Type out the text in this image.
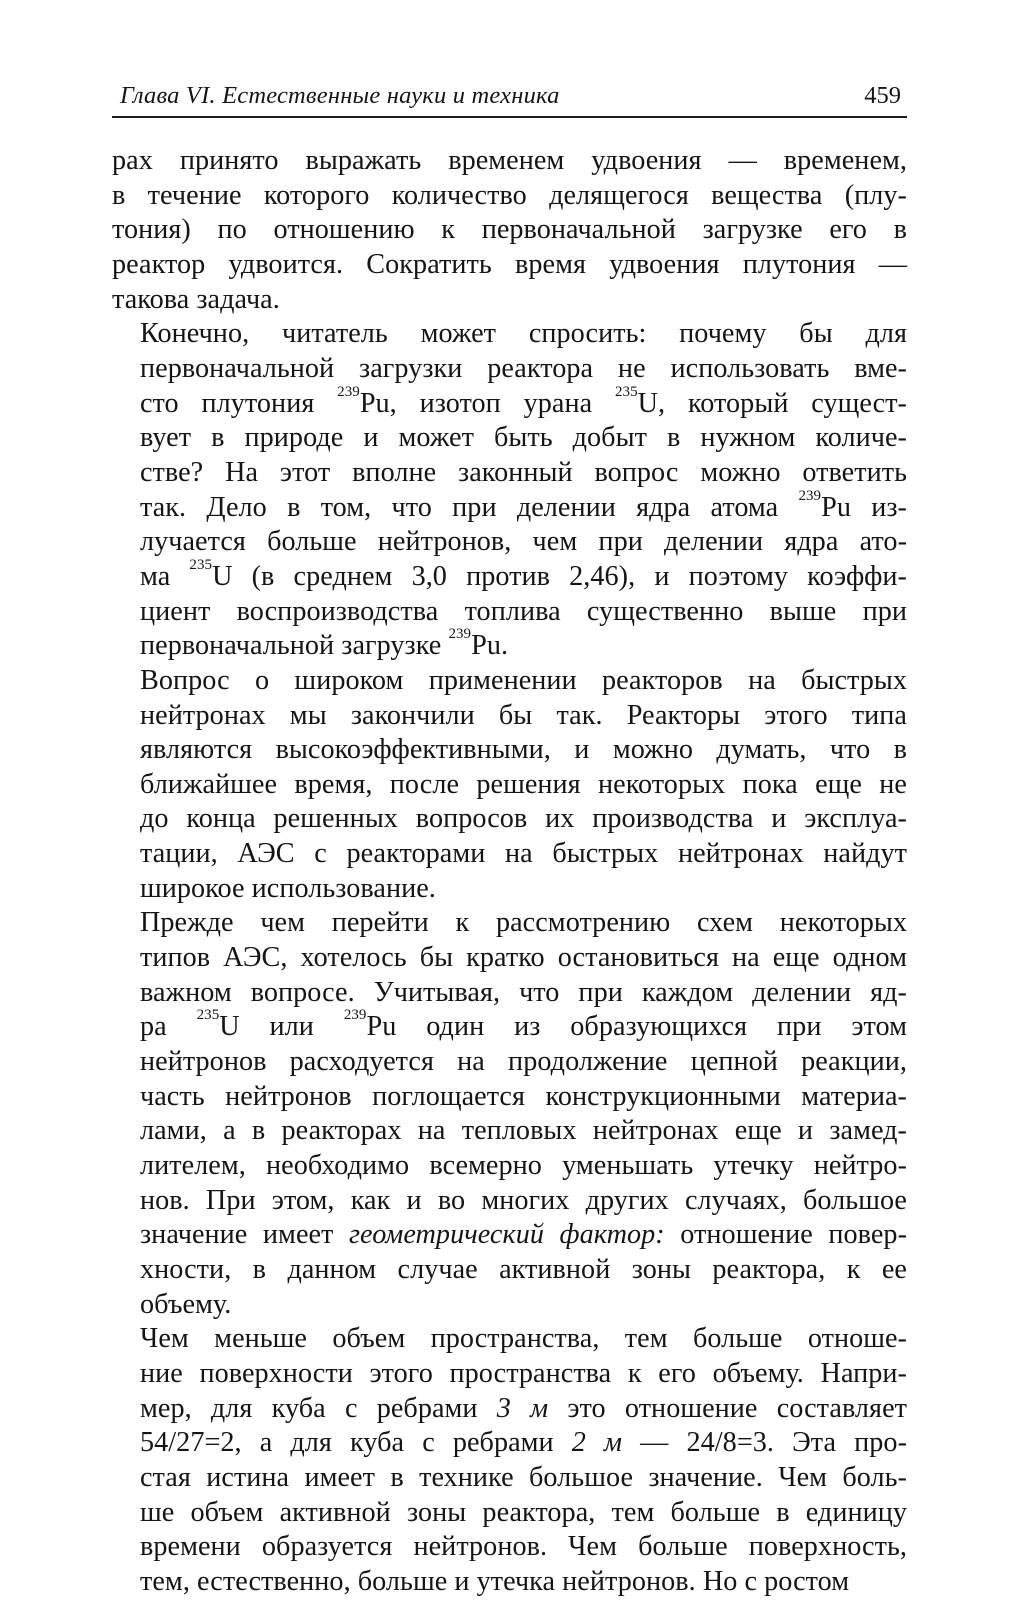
Глава VI. Естественные науки и техника	459

рах принято выражать временем удвоения — временем,
в течение которого количество делящегося вещества (плу-
тония) по отношению к первоначальной загрузке его в
реактор удвоится. Сократить время удвоения плутония —
такова задача.

Конечно, читатель может спросить: почему бы для
первоначальной загрузки реактора не использовать вме-
сто плутония $^{239}$Pu, изотоп урана $^{235}$U, который сущест-
вует в природе и может быть добыт в нужном количе-
стве? На этот вполне законный вопрос можно ответить
так. Дело в том, что при делении ядра атома $^{239}$Pu из-
лучается больше нейтронов, чем при делении ядра ато-
ма $^{235}$U (в среднем 3,0 против 2,46), и поэтому коэффи-
циент воспроизводства топлива существенно выше при
первоначальной загрузке $^{239}$Pu.

Вопрос о широком применении реакторов на быстрых
нейтронах мы закончили бы так. Реакторы этого типа
являются высокоэффективными, и можно думать, что в
ближайшее время, после решения некоторых пока еще не
до конца решенных вопросов их производства и эксплуа-
тации, АЭС с реакторами на быстрых нейтронах найдут
широкое использование.

Прежде чем перейти к рассмотрению схем некоторых
типов АЭС, хотелось бы кратко остановиться на еще одном
важном вопросе. Учитывая, что при каждом делении яд-
ра $^{235}$U или $^{239}$Pu один из образующихся при этом
нейтронов расходуется на продолжение цепной реакции,
часть нейтронов поглощается конструкционными материа-
лами, а в реакторах на тепловых нейтронах еще и замед-
лителем, необходимо всемерно уменьшать утечку нейтро-
нов. При этом, как и во многих других случаях, большое
значение имеет геометрический фактор: отношение повер-
хности, в данном случае активной зоны реактора, к ее
объему.

Чем меньше объем пространства, тем больше отноше-
ние поверхности этого пространства к его объему. Напри-
мер, для куба с ребрами 3 м это отношение составляет
54/27=2, а для куба с ребрами 2 м — 24/8=3. Эта про-
стая истина имеет в технике большое значение. Чем боль-
ше объем активной зоны реактора, тем больше в единицу
времени образуется нейтронов. Чем больше поверхность,
тем, естественно, больше и утечка нейтронов. Но с ростом
